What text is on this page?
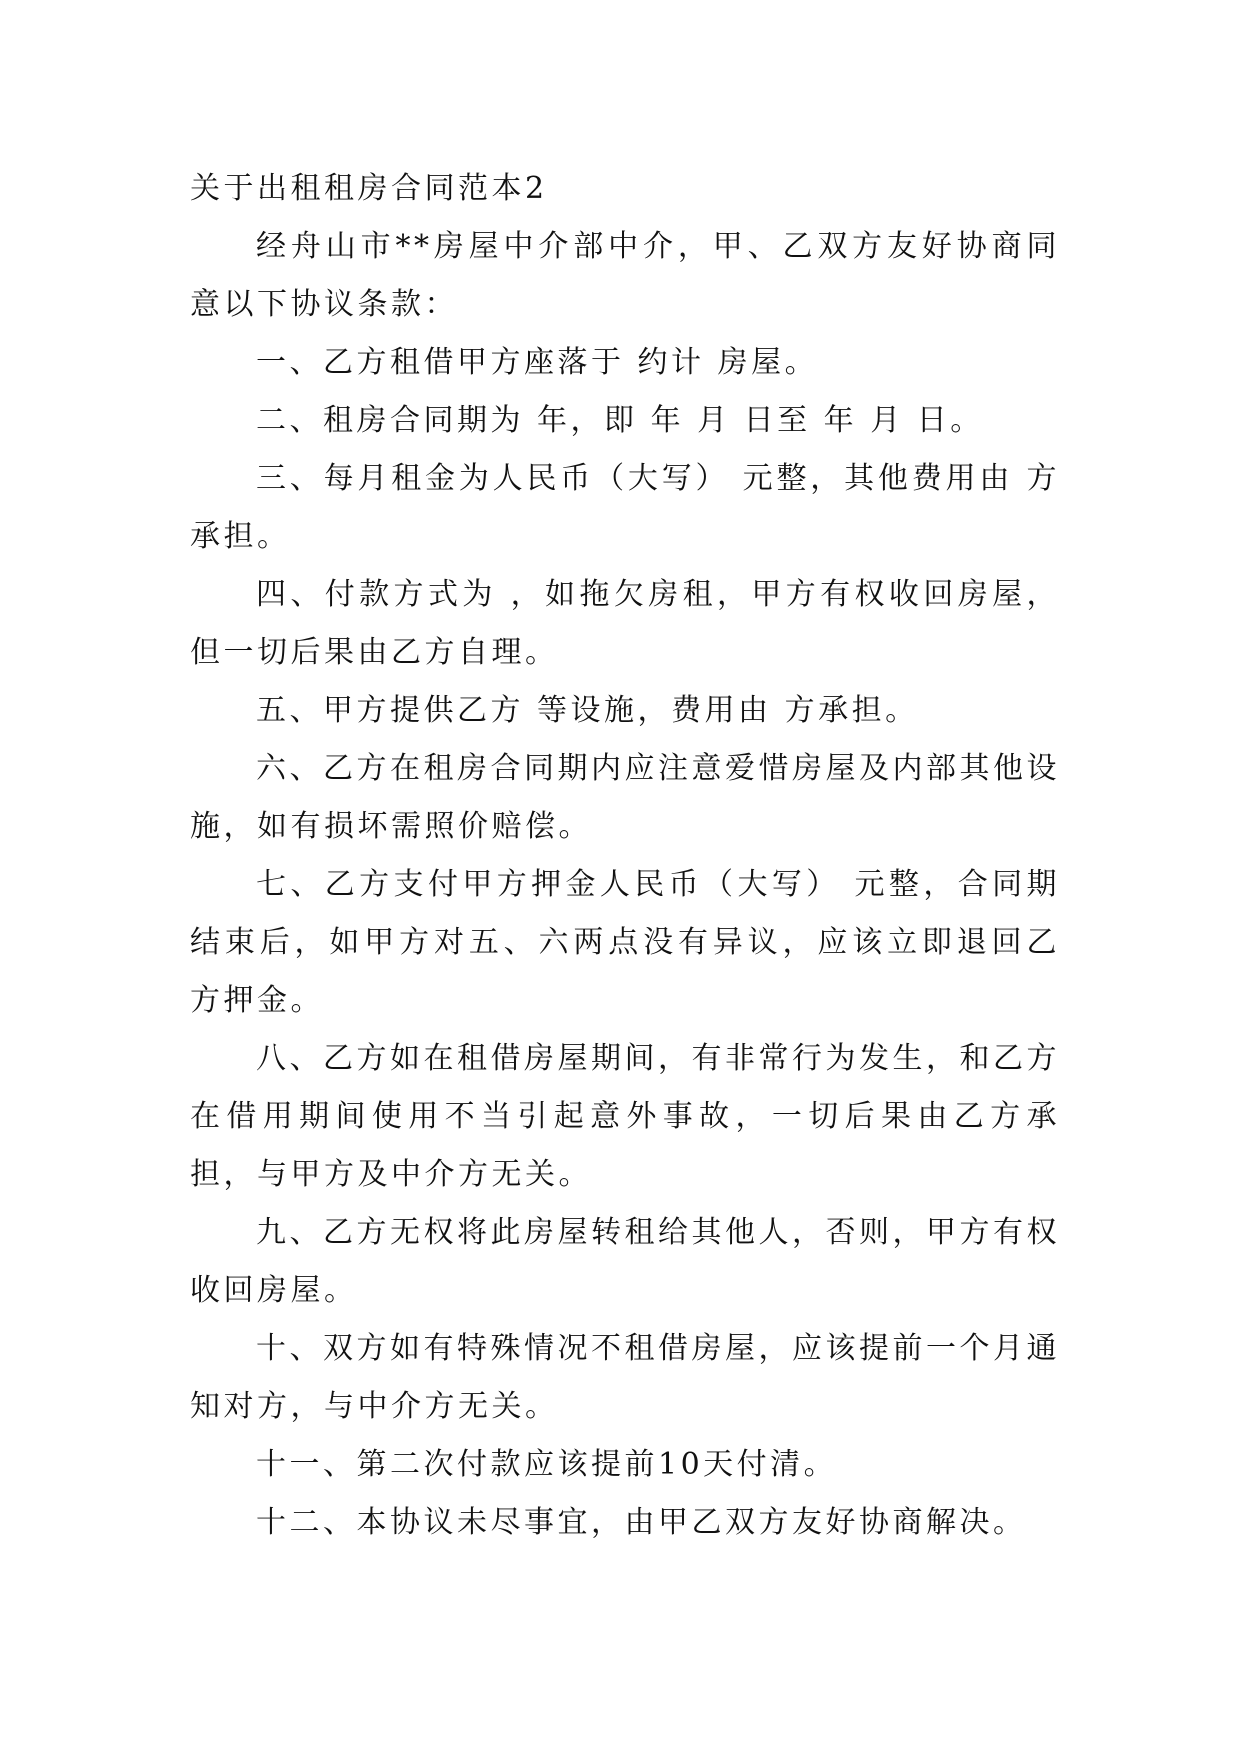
关于出租租房合同范本2

经舟山市**房屋中介部中介，甲、乙双方友好协商同意以下协议条款：

一、乙方租借甲方座落于 约计 房屋。

二、租房合同期为 年，即 年 月 日至 年 月 日。

三、每月租金为人民币（大写） 元整，其他费用由 方承担。

四、付款方式为 ，如拖欠房租，甲方有权收回房屋，但一切后果由乙方自理。

五、甲方提供乙方 等设施，费用由 方承担。

六、乙方在租房合同期内应注意爱惜房屋及内部其他设施，如有损坏需照价赔偿。

七、乙方支付甲方押金人民币（大写） 元整，合同期结束后，如甲方对五、六两点没有异议，应该立即退回乙方押金。

八、乙方如在租借房屋期间，有非常行为发生，和乙方在借用期间使用不当引起意外事故，一切后果由乙方承担，与甲方及中介方无关。

九、乙方无权将此房屋转租给其他人，否则，甲方有权收回房屋。

十、双方如有特殊情况不租借房屋，应该提前一个月通知对方，与中介方无关。

十一、第二次付款应该提前10天付清。

十二、本协议未尽事宜，由甲乙双方友好协商解决。
